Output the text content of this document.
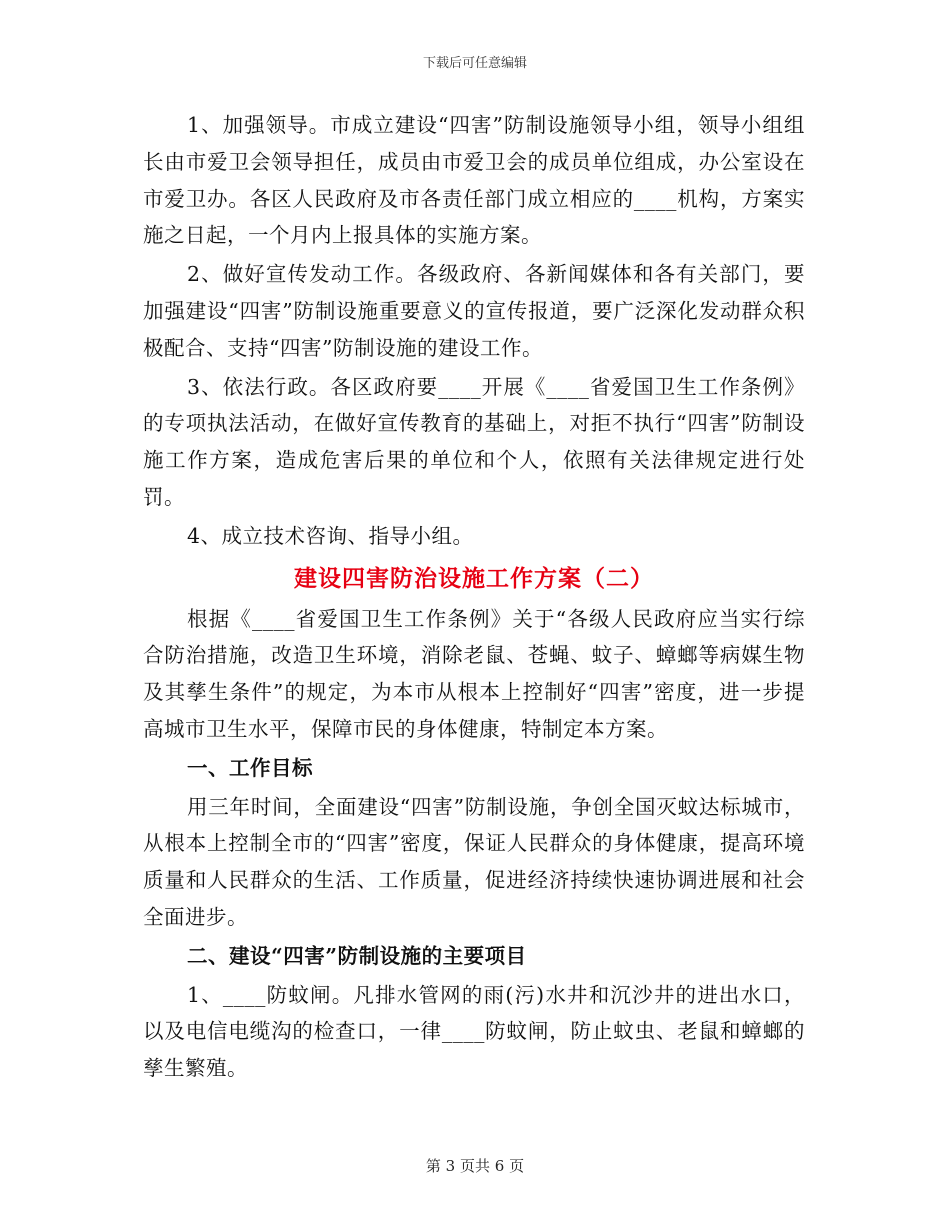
下载后可任意编辑

1、加强领导。市成立建设“四害”防制设施领导小组，领导小组组长由市爱卫会领导担任，成员由市爱卫会的成员单位组成，办公室设在市爱卫办。各区人民政府及市各责任部门成立相应的____机构，方案实施之日起，一个月内上报具体的实施方案。

2、做好宣传发动工作。各级政府、各新闻媒体和各有关部门，要加强建设“四害”防制设施重要意义的宣传报道，要广泛深化发动群众积极配合、支持“四害”防制设施的建设工作。

3、依法行政。各区政府要____开展《____省爱国卫生工作条例》的专项执法活动，在做好宣传教育的基础上，对拒不执行“四害”防制设施工作方案，造成危害后果的单位和个人，依照有关法律规定进行处罚。

4、成立技术咨询、指导小组。

建设四害防治设施工作方案（二）

根据《____省爱国卫生工作条例》关于“各级人民政府应当实行综合防治措施，改造卫生环境，消除老鼠、苍蝇、蚊子、蟑螂等病媒生物及其孳生条件”的规定，为本市从根本上控制好“四害”密度，进一步提高城市卫生水平，保障市民的身体健康，特制定本方案。

一、工作目标

用三年时间，全面建设“四害”防制设施，争创全国灭蚊达标城市，从根本上控制全市的“四害”密度，保证人民群众的身体健康，提高环境质量和人民群众的生活、工作质量，促进经济持续快速协调进展和社会全面进步。

二、建设“四害”防制设施的主要项目

1、____防蚊闸。凡排水管网的雨(污)水井和沉沙井的进出水口，以及电信电缆沟的检查口，一律____防蚊闸，防止蚊虫、老鼠和蟑螂的孳生繁殖。

第 3 页共 6 页
